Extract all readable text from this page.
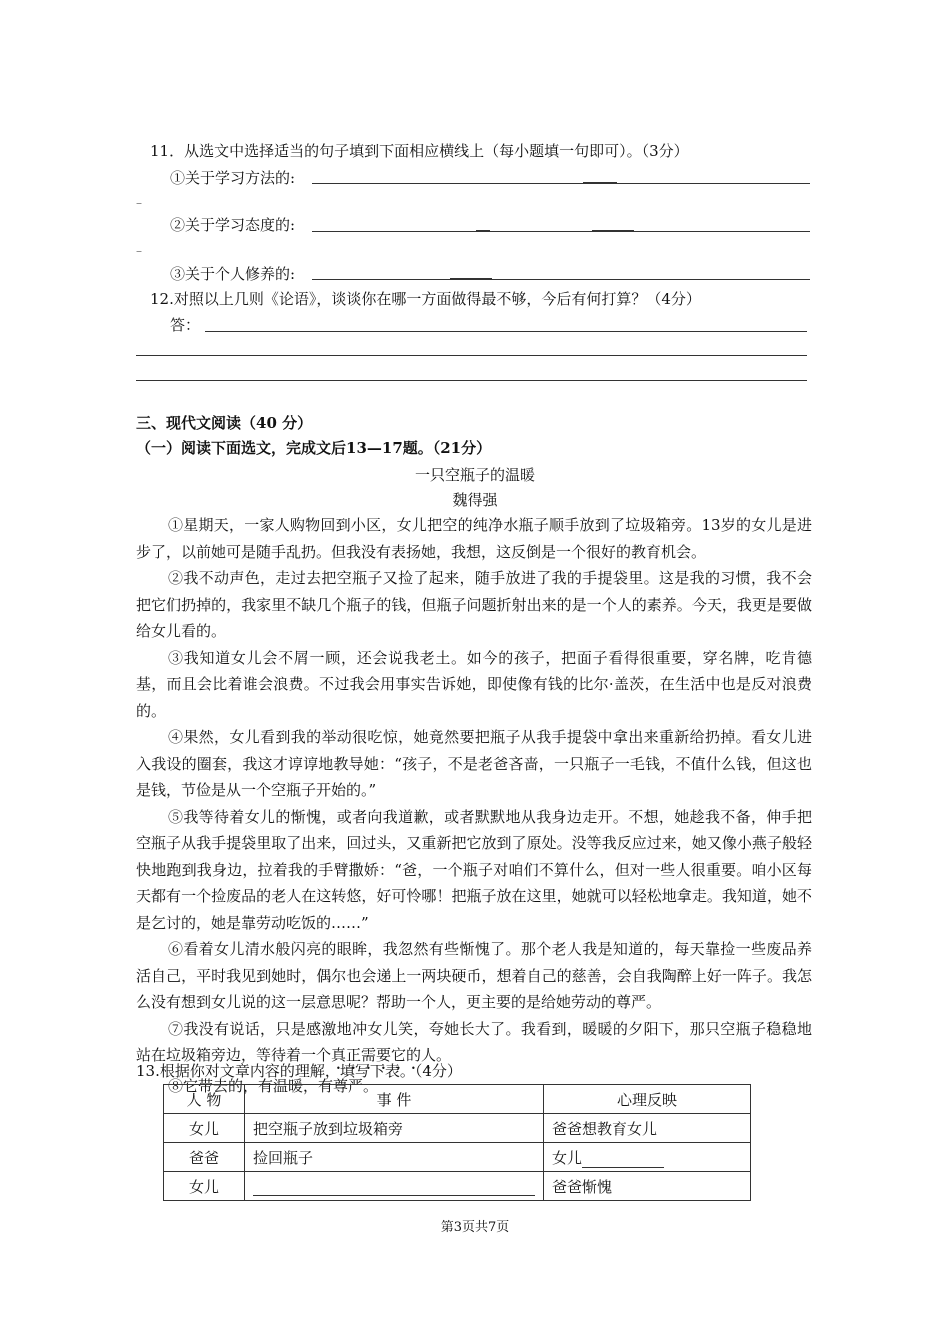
11．从选文中选择适当的句子填到下面相应横线上（每小题填一句即可）。（3分）
①关于学习方法的:
–
②关于学习态度的:
–
③关于个人修养的:
12.对照以上几则《论语》，谈谈你在哪一方面做得最不够，今后有何打算？（4分）
答：
三、现代文阅读（40 分）
（一）阅读下面选文，完成文后13—17题。（21分）
一只空瓶子的温暖
魏得强

①星期天，一家人购物回到小区，女儿把空的纯净水瓶子顺手放到了垃圾箱旁。13岁的女儿是进步了，以前她可是随手乱扔。但我没有表扬她，我想，这反倒是一个很好的教育机会。

②我不动声色，走过去把空瓶子又捡了起来，随手放进了我的手提袋里。这是我的习惯，我不会把它们扔掉的，我家里不缺几个瓶子的钱，但瓶子问题折射出来的是一个人的素养。今天，我更是要做给女儿看的。

③我知道女儿会不屑一顾，还会说我老土。如今的孩子，把面子看得很重要，穿名牌，吃肯德基，而且会比着谁会浪费。不过我会用事实告诉她，即使像有钱的比尔·盖茨，在生活中也是反对浪费的。

④果然，女儿看到我的举动很吃惊，她竟然要把瓶子从我手提袋中拿出来重新给扔掉。看女儿进入我设的圈套，我这才谆谆地教导她：“孩子，不是老爸吝啬，一只瓶子一毛钱，不值什么钱，但这也是钱，节俭是从一个空瓶子开始的。”

⑤我等待着女儿的惭愧，或者向我道歉，或者默默地从我身边走开。不想，她趁我不备，伸手把空瓶子从我手提袋里取了出来，回过头，又重新把它放到了原处。没等我反应过来，她又像小燕子般轻快地跑到我身边，拉着我的手臂撒娇：“爸，一个瓶子对咱们不算什么，但对一些人很重要。咱小区每天都有一个捡废品的老人在这转悠，好可怜哪！把瓶子放在这里，她就可以轻松地拿走。我知道，她不是乞讨的，她是靠劳动吃饭的……”

⑥看着女儿清水般闪亮的眼眸，我忽然有些惭愧了。那个老人我是知道的，每天靠捡一些废品养活自己，平时我见到她时，偶尔也会递上一两块硬币，想着自己的慈善，会自我陶醉上好一阵子。我怎么没有想到女儿说的这一层意思呢？帮助一个人，更主要的是给她劳动的尊严。

⑦我没有说话，只是感激地冲女儿笑，夸她长大了。我看到，暖暖的夕阳下，那只空瓶子稳稳地站在垃圾箱旁边，等待着一个真正需要它的人。

⑧它带去的，有温暖，有尊严。

13.根据你对文章内容的理解，填写下表。（4分）
人 物	事 件	心理反映
女儿	把空瓶子放到垃圾箱旁	爸爸想教育女儿
爸爸	捡回瓶子	女儿
女儿		爸爸惭愧
第3页共7页
